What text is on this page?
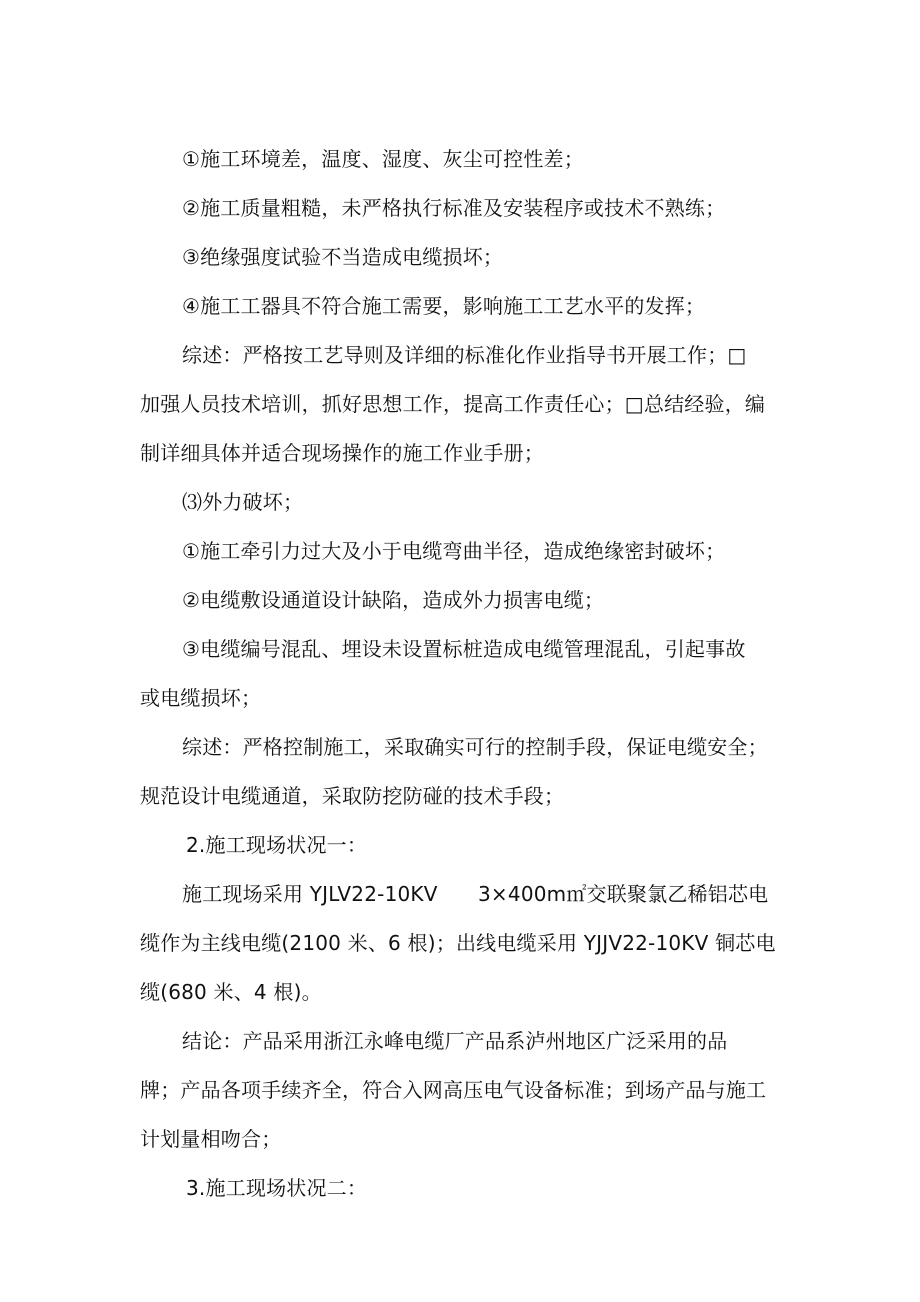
①施工环境差，温度、湿度、灰尘可控性差；
②施工质量粗糙，未严格执行标准及安装程序或技术不熟练；
③绝缘强度试验不当造成电缆损坏；
④施工工器具不符合施工需要，影响施工工艺水平的发挥；
综述：严格按工艺导则及详细的标准化作业指导书开展工作；□
加强人员技术培训，抓好思想工作，提高工作责任心；□总结经验，编
制详细具体并适合现场操作的施工作业手册；
⑶外力破坏；
①施工牵引力过大及小于电缆弯曲半径，造成绝缘密封破坏；
②电缆敷设通道设计缺陷，造成外力损害电缆；
③电缆编号混乱、埋设未设置标桩造成电缆管理混乱，引起事故
或电缆损坏；
综述：严格控制施工，采取确实可行的控制手段，保证电缆安全；
规范设计电缆通道，采取防挖防碰的技术手段；
2.施工现场状况一：
施工现场采用 YJLV22-10KV　　3×400m㎡交联聚氯乙稀铝芯电
缆作为主线电缆(2100 米、6 根)；出线电缆采用 YJJV22-10KV 铜芯电
缆(680 米、4 根)。
结论：产品采用浙江永峰电缆厂产品系泸州地区广泛采用的品
牌；产品各项手续齐全，符合入网高压电气设备标准；到场产品与施工
计划量相吻合；
3.施工现场状况二：
